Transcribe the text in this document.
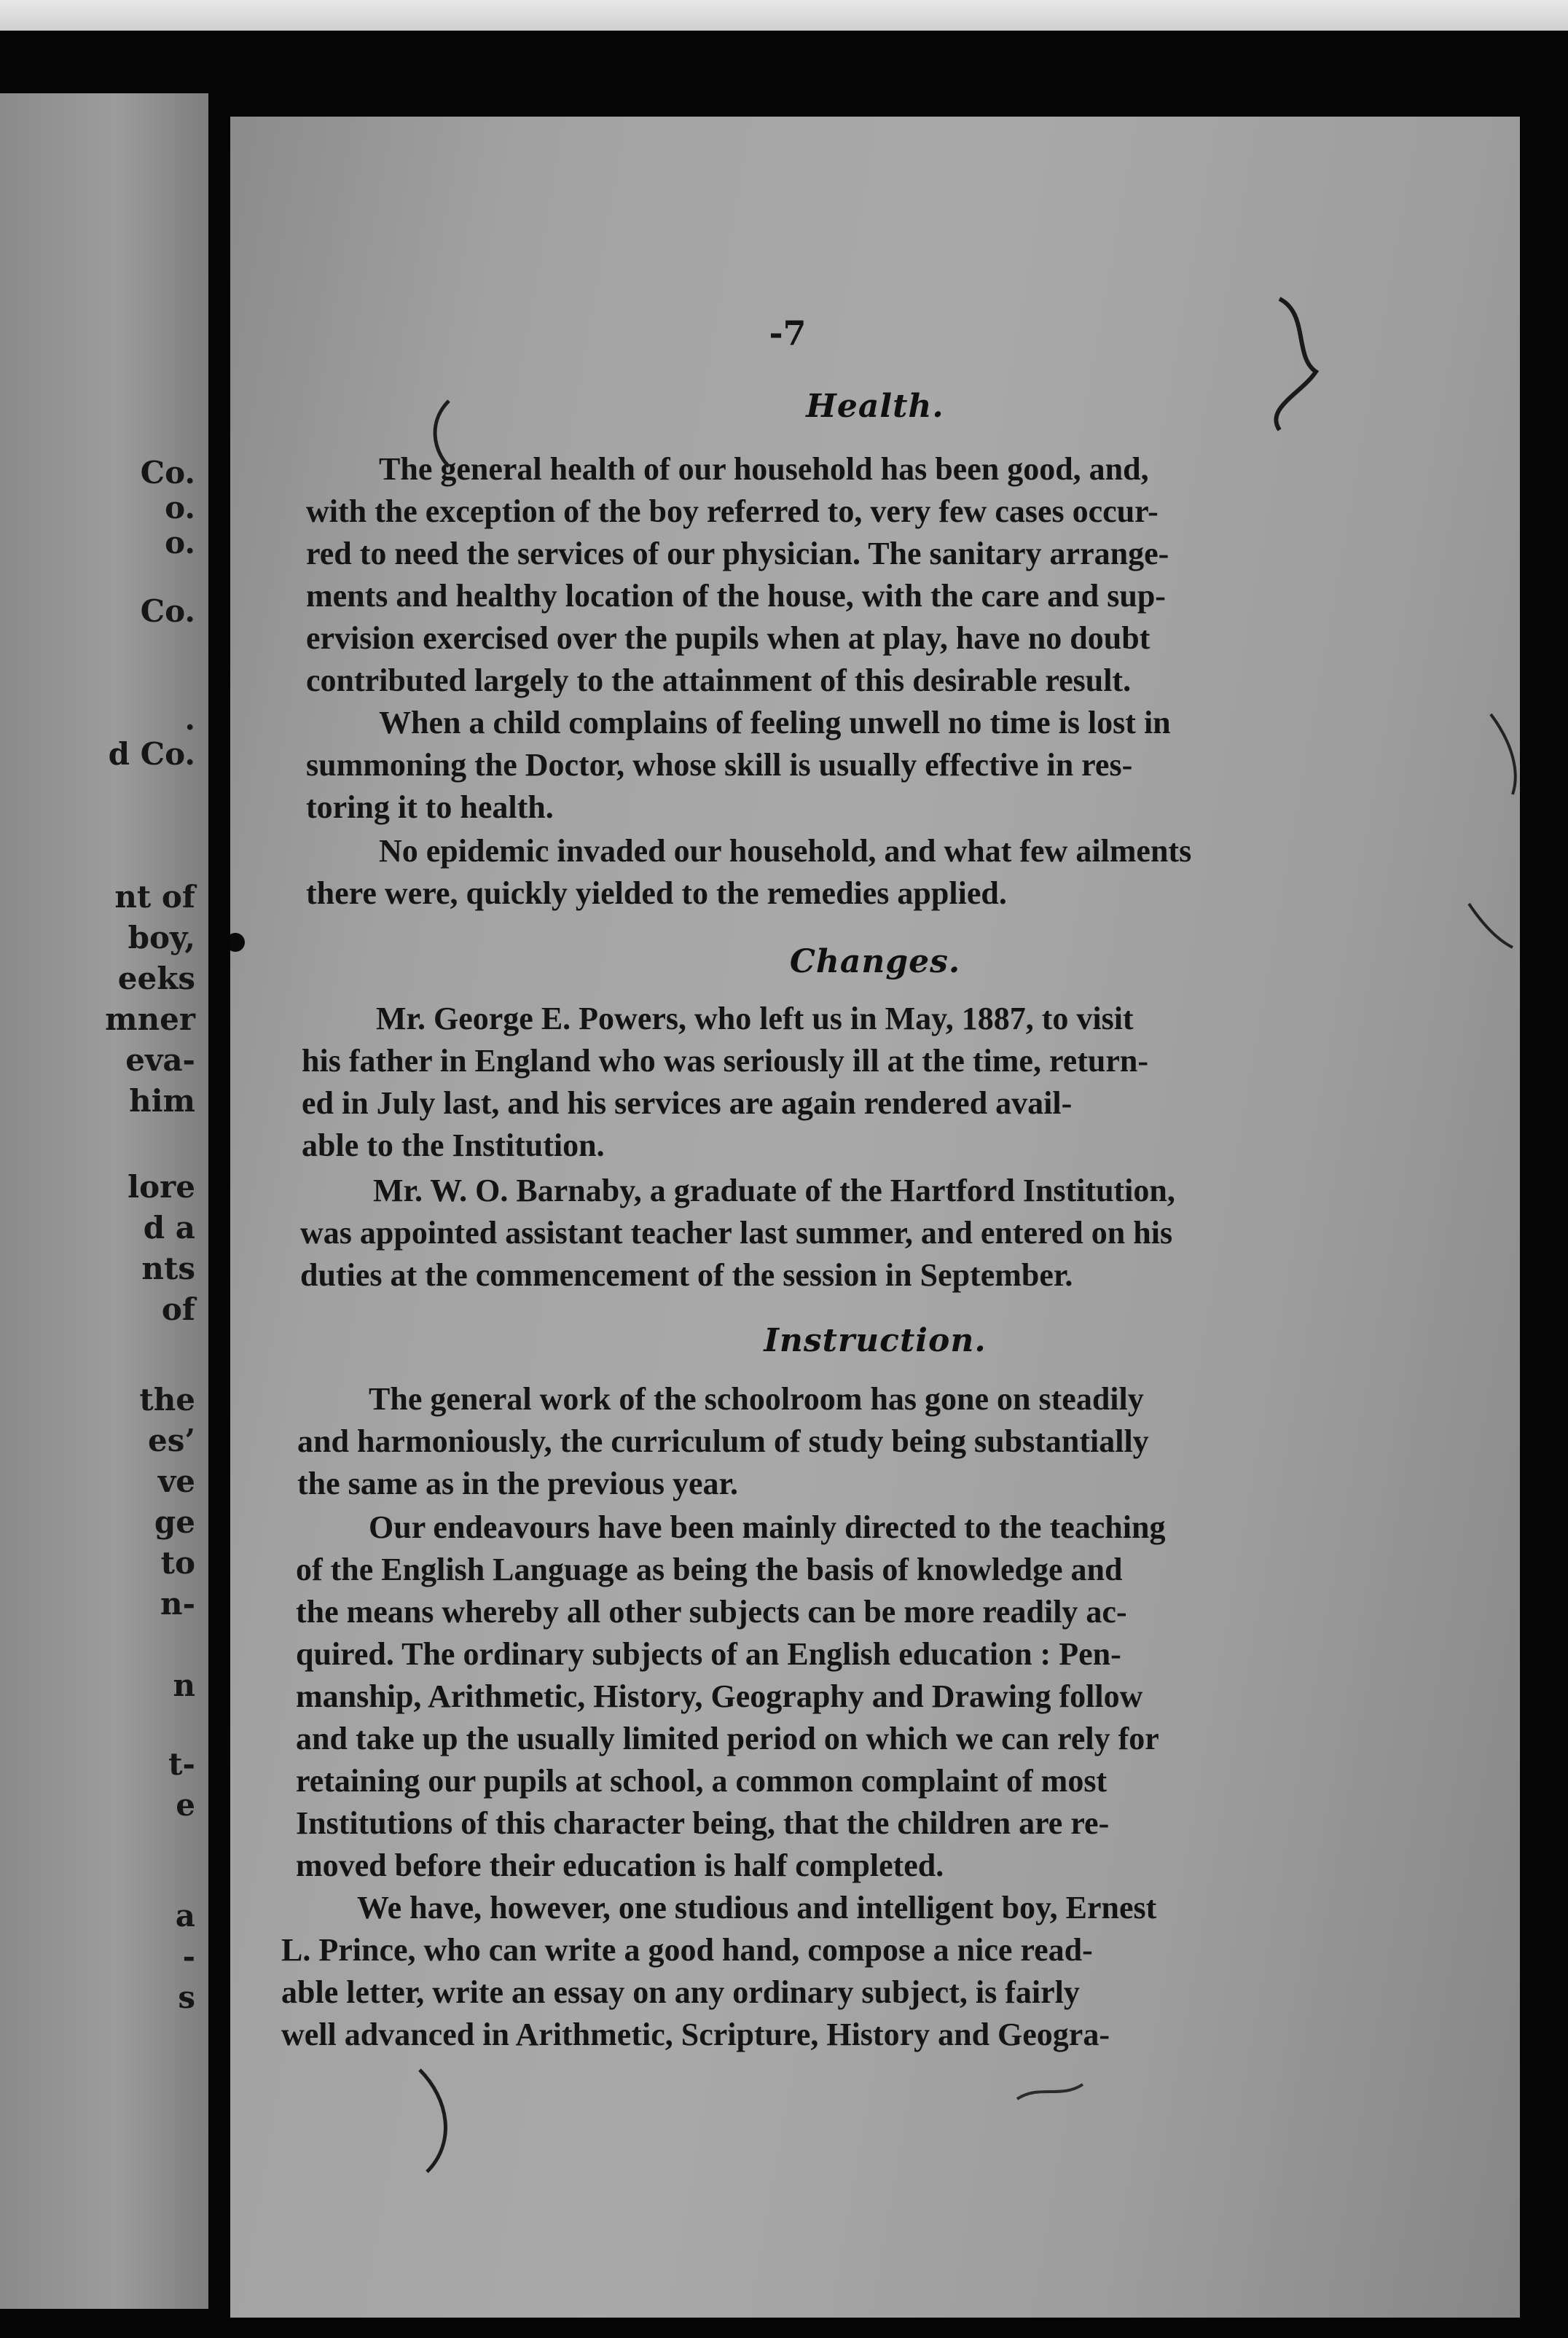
Co.
o.
o.
Co.
.
d Co.
nt of
boy,
eeks
mner
eva-
him
lore
d a
nts
of
the
es’
ve
ge
to
n-
n
t-
e
a
-
s
-7
Health.
The general health of our household has been good, and,
with the exception of the boy referred to, very few cases occur-
red to need the services of our physician. The sanitary arrange-
ments and healthy location of the house, with the care and sup-
ervision exercised over the pupils when at play, have no doubt
contributed largely to the attainment of this desirable result.
When a child complains of feeling unwell no time is lost in
summoning the Doctor, whose skill is usually effective in res-
toring it to health.
No epidemic invaded our household, and what few ailments
there were, quickly yielded to the remedies applied.
Changes.
Mr. George E. Powers, who left us in May, 1887, to visit
his father in England who was seriously ill at the time, return-
ed in July last, and his services are again rendered avail-
able to the Institution.
Mr. W. O. Barnaby, a graduate of the Hartford Institution,
was appointed assistant teacher last summer, and entered on his
duties at the commencement of the session in September.
Instruction.
The general work of the schoolroom has gone on steadily
and harmoniously, the curriculum of study being substantially
the same as in the previous year.
Our endeavours have been mainly directed to the teaching
of the English Language as being the basis of knowledge and
the means whereby all other subjects can be more readily ac-
quired. The ordinary subjects of an English education : Pen-
manship, Arithmetic, History, Geography and Drawing follow
and take up the usually limited period on which we can rely for
retaining our pupils at school, a common complaint of most
Institutions of this character being, that the children are re-
moved before their education is half completed.
We have, however, one studious and intelligent boy, Ernest
L. Prince, who can write a good hand, compose a nice read-
able letter, write an essay on any ordinary subject, is fairly
well advanced in Arithmetic, Scripture, History and Geogra-
